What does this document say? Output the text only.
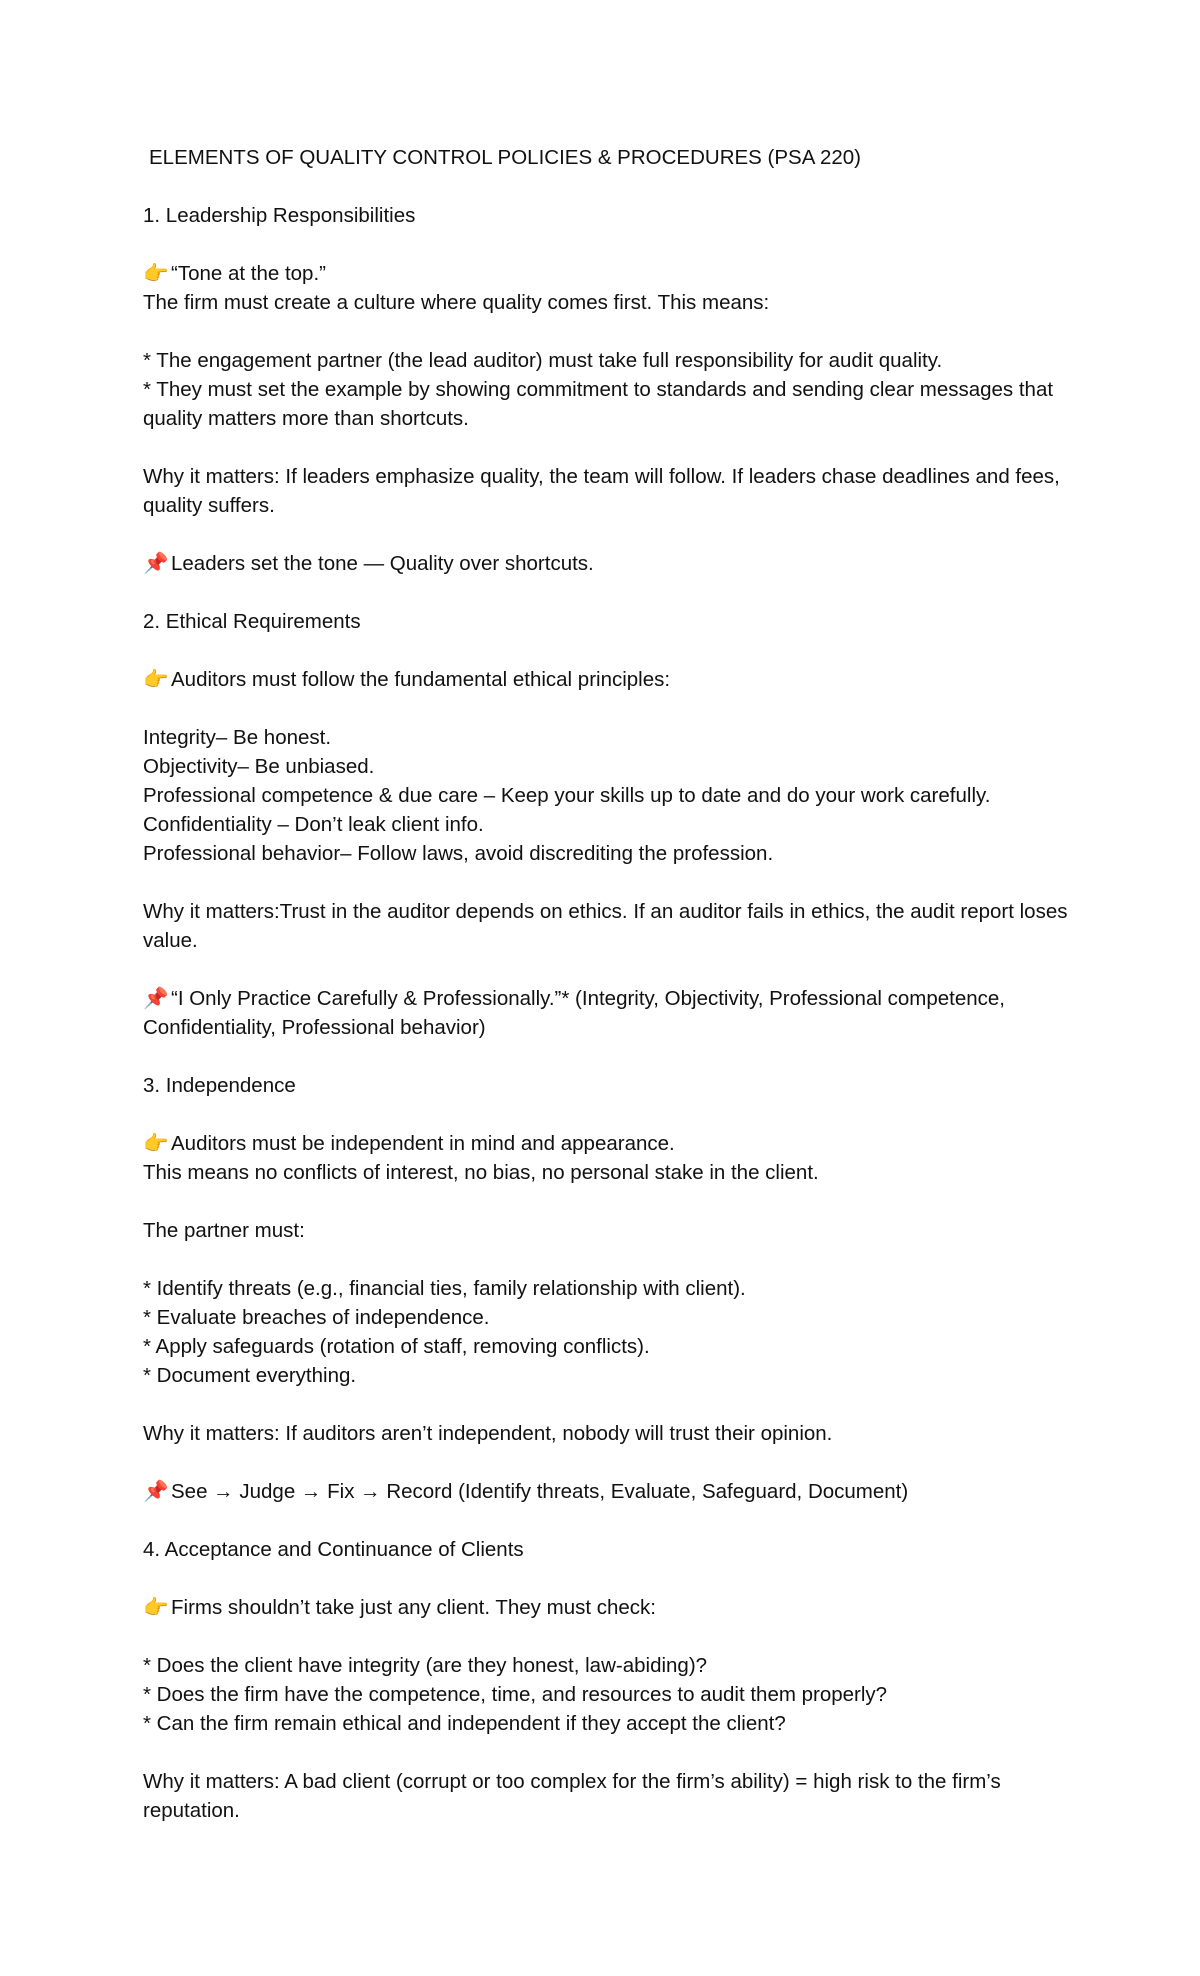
ELEMENTS OF QUALITY CONTROL POLICIES & PROCEDURES (PSA 220)
1. Leadership Responsibilities
👉 “Tone at the top.”
The firm must create a culture where quality comes first. This means:
* The engagement partner (the lead auditor) must take full responsibility for audit quality.
* They must set the example by showing commitment to standards and sending clear messages that quality matters more than shortcuts.
Why it matters: If leaders emphasize quality, the team will follow. If leaders chase deadlines and fees, quality suffers.
📌 Leaders set the tone — Quality over shortcuts.
2. Ethical Requirements
👉 Auditors must follow the fundamental ethical principles:
Integrity– Be honest.
Objectivity– Be unbiased.
Professional competence & due care – Keep your skills up to date and do your work carefully.
Confidentiality – Don’t leak client info.
Professional behavior– Follow laws, avoid discrediting the profession.
Why it matters:Trust in the auditor depends on ethics. If an auditor fails in ethics, the audit report loses value.
📌 “I Only Practice Carefully & Professionally.”* (Integrity, Objectivity, Professional competence, Confidentiality, Professional behavior)
3. Independence
👉 Auditors must be independent in mind and appearance.
This means no conflicts of interest, no bias, no personal stake in the client.
The partner must:
* Identify threats (e.g., financial ties, family relationship with client).
* Evaluate breaches of independence.
* Apply safeguards (rotation of staff, removing conflicts).
* Document everything.
Why it matters: If auditors aren’t independent, nobody will trust their opinion.
📌 See → Judge → Fix → Record (Identify threats, Evaluate, Safeguard, Document)
4. Acceptance and Continuance of Clients
👉 Firms shouldn’t take just any client. They must check:
* Does the client have integrity (are they honest, law-abiding)?
* Does the firm have the competence, time, and resources to audit them properly?
* Can the firm remain ethical and independent if they accept the client?
Why it matters: A bad client (corrupt or too complex for the firm’s ability) = high risk to the firm’s reputation.
